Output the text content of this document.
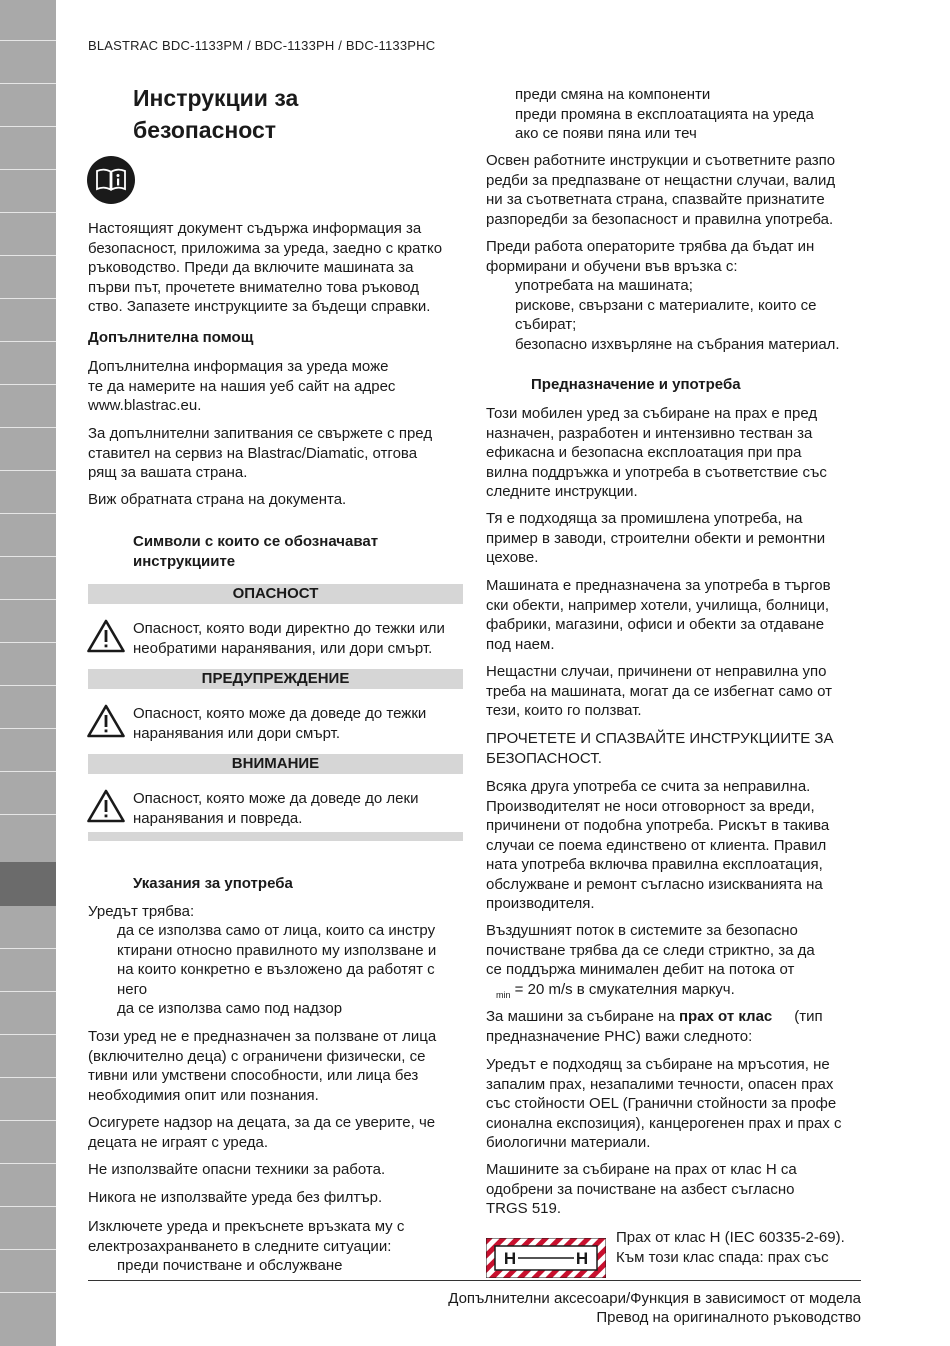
BLASTRAC BDC-1133PM / BDC-1133PH / BDC-1133PHC
Инструкции за
безопасност
Настоящият документ съдържа информация за
безопасност, приложима за уреда, заедно с кратко
ръководство. Преди да включите машината за
първи път, прочетете внимателно това ръковод
ство. Запазете инструкциите за бъдещи справки.
Допълнителна помощ
Допълнителна информация за уреда може
те да намерите на нашия уеб сайт на адрес
www.blastrac.eu.
За допълнителни запитвания се свържете с пред
ставител на сервиз на Blastrac/Diamatic, отгова
рящ за вашата страна.
Виж обратната страна на документа.
Символи с които се обозначават
инструкциите
ОПАСНОСТ
Опасност, която води директно до тежки или
необратими наранявания, или дори смърт.
ПРЕДУПРЕЖДЕНИЕ
Опасност, която може да доведе до тежки
наранявания или дори смърт.
ВНИМАНИЕ
Опасност, която може да доведе до леки
наранявания и повреда.
Указания за употреба
Уредът трябва:
да се използва само от лица, които са инстру
ктирани относно правилното му използване и
на които конкретно е възложено да работят с
него
да се използва само под надзор
Този уред не е предназначен за ползване от лица
(включително деца) с ограничени физически, се
тивни или умствени способности, или лица без
необходимия опит или познания.
Осигурете надзор на децата, за да се уверите, че
децата не играят с уреда.
Не използвайте опасни техники за работа.
Никога не използвайте уреда без филтър.
Изключете уреда и прекъснете връзката му с
електрозахранването в следните ситуации:
преди почистване и обслужване
преди смяна на компоненти
преди промяна в експлоатацията на уреда
ако се появи пяна или теч
Освен работните инструкции и съответните разпо
редби за предпазване от нещастни случаи, валид
ни за съответната страна, спазвайте признатите
разпоредби за безопасност и правилна употреба.
Преди работа операторите трябва да бъдат ин
формирани и обучени във връзка с:
употребата на машината;
рискове, свързани с материалите, които се
събират;
безопасно изхвърляне на събрания материал.
Предназначение и употреба
Този мобилен уред за събиране на прах е пред
назначен, разработен и интензивно тестван за
ефикасна и безопасна експлоатация при пра
вилна поддръжка и употреба в съответствие със
следните инструкции.
Тя е подходяща за промишлена употреба, на
пример в заводи, строителни обекти и ремонтни
цехове.
Машината е предназначена за употреба в търгов
ски обекти, например хотели, училища, болници,
фабрики, магазини, офиси и обекти за отдаване
под наем.
Нещастни случаи, причинени от неправилна упо
треба на машината, могат да се избегнат само от
тези, които го ползват.
ПРОЧЕТЕТЕ И СПАЗВАЙТЕ ИНСТРУКЦИИТЕ ЗА
БЕЗОПАСНОСТ.
Всяка друга употреба се счита за неправилна.
Производителят не носи отговорност за вреди,
причинени от подобна употреба. Рискът в такива
случаи се поема единствено от клиента. Правил
ната употреба включва правилна експлоатация,
обслужване и ремонт съгласно изискванията на
производителя.
Въздушният поток в системите за безопасно
почистване трябва да се следи стриктно, за да
се поддържа минимален дебит на потока от
$_{min}$ = 20 m/s в смукателния маркуч.
За машини за събиране на прах от клас (тип
предназначение PHC) важи следното:
Уредът е подходящ за събиране на мръсотия, не
запалим прах, незапалими течности, опасен прах
със стойности OEL (Гранични стойности за профе
сионална експозиция), канцерогенен прах и прах с
биологични материали.
Машините за събиране на прах от клас H са
одобрени за почистване на азбест съгласно
TRGS 519.
H	H
Прах от клас H (IEC 60335-2-69).
Към този клас спада: прах със
Допълнителни аксесоари/Функция в зависимост от модела
Превод на оригиналното ръководство
